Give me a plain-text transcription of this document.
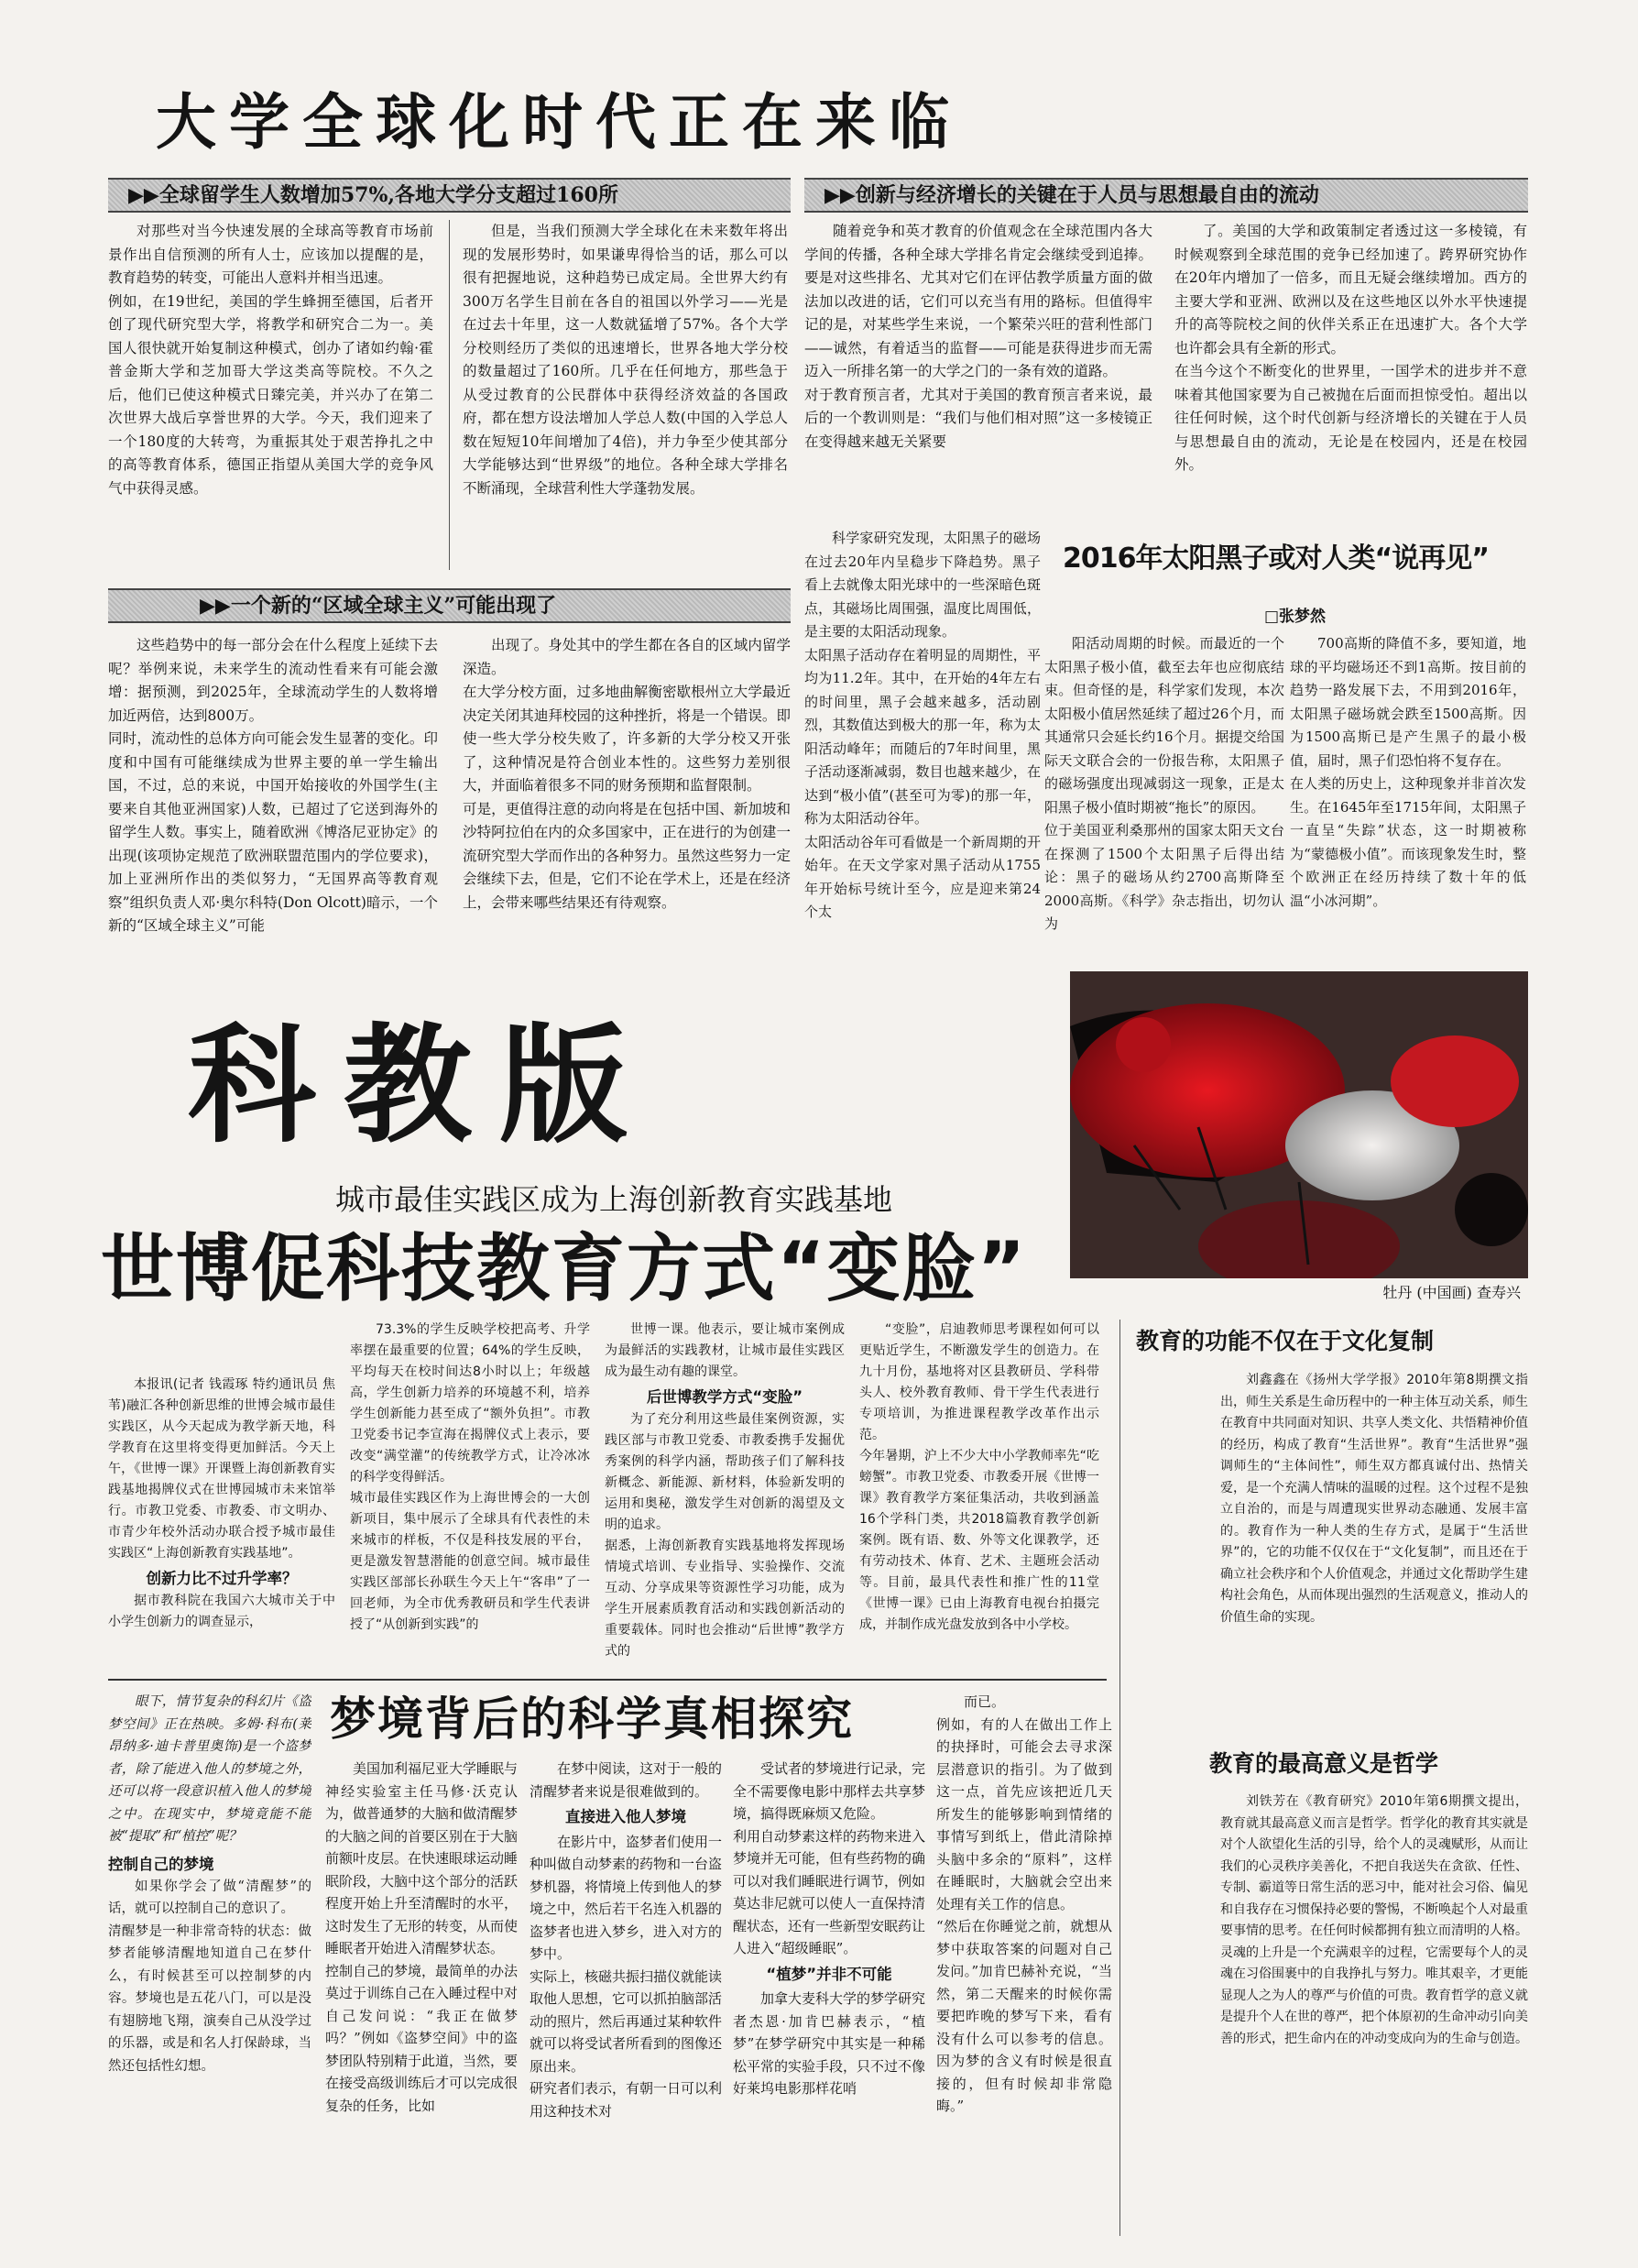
大学全球化时代正在来临
▶▶全球留学生人数增加57%,各地大学分支超过160所	▶▶创新与经济增长的关键在于人员与思想最自由的流动
对那些对当今快速发展的全球高等教育市场前景作出自信预测的所有人士，应该加以提醒的是，教育趋势的转变，可能出人意料并相当迅速。
例如，在19世纪，美国的学生蜂拥至德国，后者开创了现代研究型大学，将教学和研究合二为一。美国人很快就开始复制这种模式，创办了诸如约翰·霍普金斯大学和芝加哥大学这类高等院校。不久之后，他们已使这种模式日臻完美，并兴办了在第二次世界大战后享誉世界的大学。今天，我们迎来了一个180度的大转弯，为重振其处于艰苦挣扎之中的高等教育体系，德国正指望从美国大学的竞争风气中获得灵感。
但是，当我们预测大学全球化在未来数年将出现的发展形势时，如果谦卑得恰当的话，那么可以很有把握地说，这种趋势已成定局。全世界大约有300万名学生目前在各自的祖国以外学习——光是在过去十年里，这一人数就猛增了57%。各个大学分校则经历了类似的迅速增长，世界各地大学分校的数量超过了160所。几乎在任何地方，那些急于从受过教育的公民群体中获得经济效益的各国政府，都在想方设法增加人学总人数(中国的入学总人数在短短10年间增加了4倍)，并力争至少使其部分大学能够达到“世界级”的地位。各种全球大学排名不断涌现，全球营利性大学蓬勃发展。
随着竞争和英才教育的价值观念在全球范围内各大学间的传播，各种全球大学排名肯定会继续受到追捧。要是对这些排名、尤其对它们在评估教学质量方面的做法加以改进的话，它们可以充当有用的路标。但值得牢记的是，对某些学生来说，一个繁荣兴旺的营利性部门——诚然，有着适当的监督——可能是获得进步而无需迈入一所排名第一的大学之门的一条有效的道路。
对于教育预言者，尤其对于美国的教育预言者来说，最后的一个教训则是：“我们与他们相对照”这一多棱镜正在变得越来越无关紧要
了。美国的大学和政策制定者透过这一多棱镜，有时候观察到全球范围的竞争已经加速了。跨界研究协作在20年内增加了一倍多，而且无疑会继续增加。西方的主要大学和亚洲、欧洲以及在这些地区以外水平快速提升的高等院校之间的伙伴关系正在迅速扩大。各个大学也许都会具有全新的形式。
在当今这个不断变化的世界里，一国学术的进步并不意味着其他国家要为自己被抛在后面而担惊受怕。超出以往任何时候，这个时代创新与经济增长的关键在于人员与思想最自由的流动，无论是在校园内，还是在校园外。
▶▶一个新的“区域全球主义”可能出现了
这些趋势中的每一部分会在什么程度上延续下去呢？举例来说，未来学生的流动性看来有可能会激增：据预测，到2025年，全球流动学生的人数将增加近两倍，达到800万。
同时，流动性的总体方向可能会发生显著的变化。印度和中国有可能继续成为世界主要的单一学生输出国，不过，总的来说，中国开始接收的外国学生(主要来自其他亚洲国家)人数，已超过了它送到海外的留学生人数。事实上，随着欧洲《博洛尼亚协定》的出现(该项协定规范了欧洲联盟范围内的学位要求)，加上亚洲所作出的类似努力，“无国界高等教育观察”组织负责人邓·奥尔科特(Don Olcott)暗示，一个新的“区域全球主义”可能
出现了。身处其中的学生都在各自的区域内留学深造。
在大学分校方面，过多地曲解衡密歇根州立大学最近决定关闭其迪拜校园的这种挫折，将是一个错误。即使一些大学分校失败了，许多新的大学分校又开张了，这种情况是符合创业本性的。这些努力差别很大，并面临着很多不同的财务预期和监督限制。
可是，更值得注意的动向将是在包括中国、新加坡和沙特阿拉伯在内的众多国家中，正在进行的为创建一流研究型大学而作出的各种努力。虽然这些努力一定会继续下去，但是，它们不论在学术上，还是在经济上，会带来哪些结果还有待观察。
科学家研究发现，太阳黑子的磁场在过去20年内呈稳步下降趋势。黑子看上去就像太阳光球中的一些深暗色斑点，其磁场比周围强，温度比周围低，是主要的太阳活动现象。
太阳黑子活动存在着明显的周期性，平均为11.2年。其中，在开始的4年左右的时间里，黑子会越来越多，活动剧烈，其数值达到极大的那一年，称为太阳活动峰年；而随后的7年时间里，黑子活动逐渐减弱，数目也越来越少，在达到“极小值”(甚至可为零)的那一年，称为太阳活动谷年。
太阳活动谷年可看做是一个新周期的开始年。在天文学家对黑子活动从1755年开始标号统计至今，应是迎来第24个太
2016年太阳黑子或对人类“说再见”
□张梦然
阳活动周期的时候。而最近的一个太阳黑子极小值，截至去年也应彻底结束。但奇怪的是，科学家们发现，本次太阳极小值居然延续了超过26个月，而其通常只会延长约16个月。据提交给国际天文联合会的一份报告称，太阳黑子的磁场强度出现减弱这一现象，正是太阳黑子极小值时期被“拖长”的原因。
位于美国亚利桑那州的国家太阳天文台在探测了1500个太阳黑子后得出结论：黑子的磁场从约2700高斯降至2000高斯。《科学》杂志指出，切勿认为
700高斯的降值不多，要知道，地球的平均磁场还不到1高斯。按目前的趋势一路发展下去，不用到2016年，太阳黑子磁场就会跌至1500高斯。因为1500高斯已是产生黑子的最小极值，届时，黑子们恐怕将不复存在。
在人类的历史上，这种现象并非首次发生。在1645年至1715年间，太阳黑子一直呈“失踪”状态，这一时期被称为“蒙德极小值”。而该现象发生时，整个欧洲正在经历持续了数十年的低温“小冰河期”。
科教版
城市最佳实践区成为上海创新教育实践基地
世博促科技教育方式“变脸”	牡丹 (中国画) 查寿兴
本报讯(记者 钱霞琢 特约通讯员 焦苇)融汇各种创新思维的世博会城市最佳实践区，从今天起成为教学新天地，科学教育在这里将变得更加鲜活。今天上午，《世博一课》开课暨上海创新教育实践基地揭牌仪式在世博园城市未来馆举行。市教卫党委、市教委、市文明办、市青少年校外活动办联合授予城市最佳实践区“上海创新教育实践基地”。
创新力比不过升学率？
据市教科院在我国六大城市关于中小学生创新力的调查显示，
73.3%的学生反映学校把高考、升学率摆在最重要的位置；64%的学生反映，平均每天在校时间达8小时以上；年级越高，学生创新力培养的环境越不利，培养学生创新能力甚至成了“额外负担”。市教卫党委书记李宣海在揭牌仪式上表示，要改变“满堂灌”的传统教学方式，让冷冰冰的科学变得鲜活。
城市最佳实践区作为上海世博会的一大创新项目，集中展示了全球具有代表性的未来城市的样板，不仅是科技发展的平台，更是激发智慧潜能的创意空间。城市最佳实践区部部长孙联生今天上午“客串”了一回老师，为全市优秀教研员和学生代表讲授了“从创新到实践”的
世博一课。他表示，要让城市案例成为最鲜活的实践教材，让城市最佳实践区成为最生动有趣的课堂。
后世博教学方式“变脸”
为了充分利用这些最佳案例资源，实践区部与市教卫党委、市教委携手发掘优秀案例的科学内涵，帮助孩子们了解科技新概念、新能源、新材料，体验新发明的运用和奥秘，激发学生对创新的渴望及文明的追求。
据悉，上海创新教育实践基地将发挥现场情境式培训、专业指导、实验操作、交流互动、分享成果等资源性学习功能，成为学生开展素质教育活动和实践创新活动的重要载体。同时也会推动“后世博”教学方式的
“变脸”，启迪教师思考课程如何可以更贴近学生，不断激发学生的创造力。在九十月份，基地将对区县教研员、学科带头人、校外教育教师、骨干学生代表进行专项培训，为推进课程教学改革作出示范。
今年暑期，沪上不少大中小学教师率先“吃螃蟹”。市教卫党委、市教委开展《世博一课》教育教学方案征集活动，共收到涵盖16个学科门类，共2018篇教育教学创新案例。既有语、数、外等文化课教学，还有劳动技术、体育、艺术、主题班会活动等。目前，最具代表性和推广性的11堂《世博一课》已由上海教育电视台拍摄完成，并制作成光盘发放到各中小学校。
教育的功能不仅在于文化复制
刘鑫鑫在《扬州大学学报》2010年第8期撰文指出，师生关系是生命历程中的一种主体互动关系，师生在教育中共同面对知识、共享人类文化、共悟精神价值的经历，构成了教育“生活世界”。教育“生活世界”强调师生的“主体间性”，师生双方都真诚付出、热情关爱，是一个充满人情味的温暖的过程。这个过程不是独立自治的，而是与周遭现实世界动态融通、发展丰富的。教育作为一种人类的生存方式，是属于“生活世界”的，它的功能不仅仅在于“文化复制”，而且还在于确立社会秩序和个人价值观念，并通过文化帮助学生建构社会角色，从而体现出强烈的生活观意义，推动人的价值生命的实现。
教育的最高意义是哲学
刘铁芳在《教育研究》2010年第6期撰文提出，教育就其最高意义而言是哲学。哲学化的教育其实就是对个人欲望化生活的引导，给个人的灵魂赋形，从而让我们的心灵秩序美善化，不把自我送失在贪欲、任性、专制、霸道等日常生活的恶习中，能对社会习俗、偏见和自我存在习惯保持必要的警惕，不断唤起个人对最重要事情的思考。在任何时候都拥有独立而清明的人格。灵魂的上升是一个充满艰辛的过程，它需要每个人的灵魂在习俗围裹中的自我挣扎与努力。唯其艰辛，才更能显现人之为人的尊严与价值的可贵。教育哲学的意义就是提升个人在世的尊严，把个体原初的生命冲动引向美善的形式，把生命内在的冲动变成向为的生命与创造。
梦境背后的科学真相探究
眼下，情节复杂的科幻片《盗梦空间》正在热映。多姆·科布(莱昂纳多·迪卡普里奥饰)是一个盗梦者，除了能进入他人的梦境之外，还可以将一段意识植入他人的梦境之中。在现实中，梦境竟能不能被“提取”和“植控”呢？
控制自己的梦境
如果你学会了做“清醒梦”的话，就可以控制自己的意识了。
清醒梦是一种非常奇特的状态：做梦者能够清醒地知道自己在梦什么，有时候甚至可以控制梦的内容。梦境也是五花八门，可以是没有翅膀地飞翔，演奏自己从没学过的乐器，或是和名人打保龄球，当然还包括性幻想。
美国加利福尼亚大学睡眠与神经实验室主任马修·沃克认为，做普通梦的大脑和做清醒梦的大脑之间的首要区别在于大脑前额叶皮层。在快速眼球运动睡眠阶段，大脑中这个部分的活跃程度开始上升至清醒时的水平，这时发生了无形的转变，从而使睡眠者开始进入清醒梦状态。
控制自己的梦境，最简单的办法莫过于训练自己在入睡过程中对自己发问说：“我正在做梦吗？”例如《盗梦空间》中的盗梦团队特别精于此道，当然，要在接受高级训练后才可以完成很复杂的任务，比如
在梦中阅读，这对于一般的清醒梦者来说是很难做到的。
直接进入他人梦境
在影片中，盗梦者们使用一种叫做自动梦素的药物和一台盗梦机器，将情境上传到他人的梦境之中，然后若干名连入机器的盗梦者也进入梦乡，进入对方的梦中。
实际上，核磁共振扫描仪就能读取他人思想，它可以抓拍脑部活动的照片，然后再通过某种软件就可以将受试者所看到的图像还原出来。
研究者们表示，有朝一日可以利用这种技术对
受试者的梦境进行记录，完全不需要像电影中那样去共享梦境，搞得既麻烦又危险。
利用自动梦素这样的药物来进入梦境并无可能，但有些药物的确可以对我们睡眠进行调节，例如莫达非尼就可以使人一直保持清醒状态，还有一些新型安眠药让人进入“超级睡眠”。
“植梦”并非不可能
加拿大麦科大学的梦学研究者杰恩·加肯巴赫表示，“植梦”在梦学研究中其实是一种稀松平常的实验手段，只不过不像好莱坞电影那样花哨
而已。
例如，有的人在做出工作上的抉择时，可能会去寻求深层潜意识的指引。为了做到这一点，首先应该把近几天所发生的能够影响到情绪的事情写到纸上，借此清除掉头脑中多余的“原料”，这样在睡眠时，大脑就会空出来处理有关工作的信息。
“然后在你睡觉之前，就想从梦中获取答案的问题对自己发问。”加肯巴赫补充说，“当然，第二天醒来的时候你需要把昨晚的梦写下来，看有没有什么可以参考的信息。因为梦的含义有时候是很直接的，但有时候却非常隐晦。”
